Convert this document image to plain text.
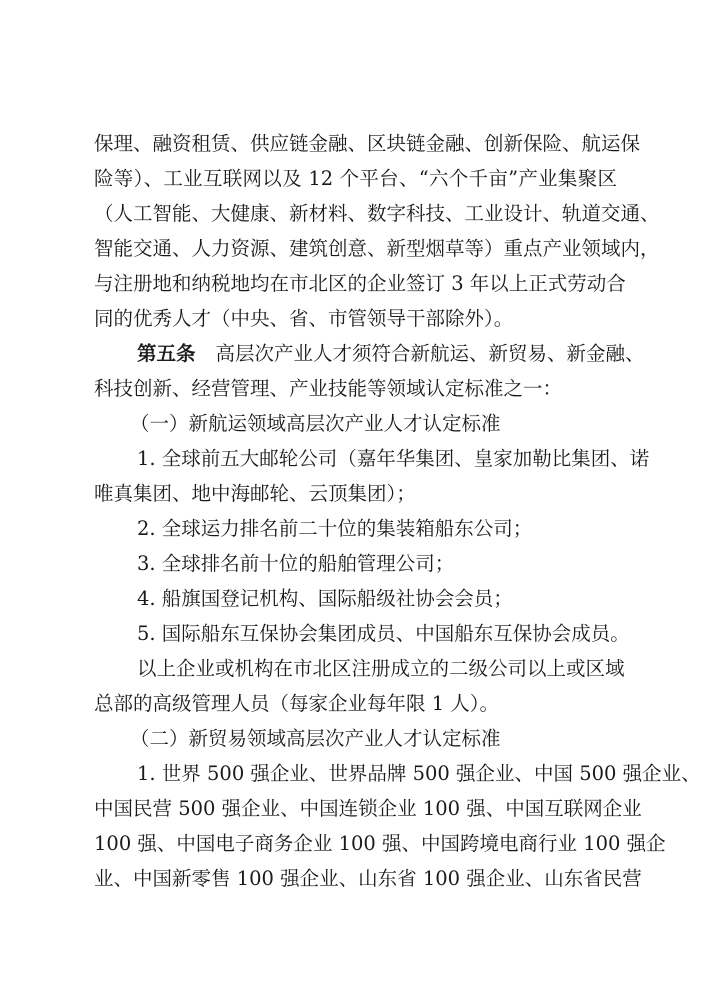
保理、融资租赁、供应链金融、区块链金融、创新保险、航运保
险等）、工业互联网以及 12 个平台、“六个千亩”产业集聚区
（人工智能、大健康、新材料、数字科技、工业设计、轨道交通、
智能交通、人力资源、建筑创意、新型烟草等）重点产业领域内，
与注册地和纳税地均在市北区的企业签订 3 年以上正式劳动合
同的优秀人才（中央、省、市管领导干部除外）。
第五条 高层次产业人才须符合新航运、新贸易、新金融、
科技创新、经营管理、产业技能等领域认定标准之一：
（一）新航运领域高层次产业人才认定标准
1. 全球前五大邮轮公司（嘉年华集团、皇家加勒比集团、诺
唯真集团、地中海邮轮、云顶集团）；
2. 全球运力排名前二十位的集装箱船东公司；
3. 全球排名前十位的船舶管理公司；
4. 船旗国登记机构、国际船级社协会会员；
5. 国际船东互保协会集团成员、中国船东互保协会成员。
以上企业或机构在市北区注册成立的二级公司以上或区域
总部的高级管理人员（每家企业每年限 1 人）。
（二）新贸易领域高层次产业人才认定标准
1. 世界 500 强企业、世界品牌 500 强企业、中国 500 强企业、
中国民营 500 强企业、中国连锁企业 100 强、中国互联网企业
100 强、中国电子商务企业 100 强、中国跨境电商行业 100 强企
业、中国新零售 100 强企业、山东省 100 强企业、山东省民营
